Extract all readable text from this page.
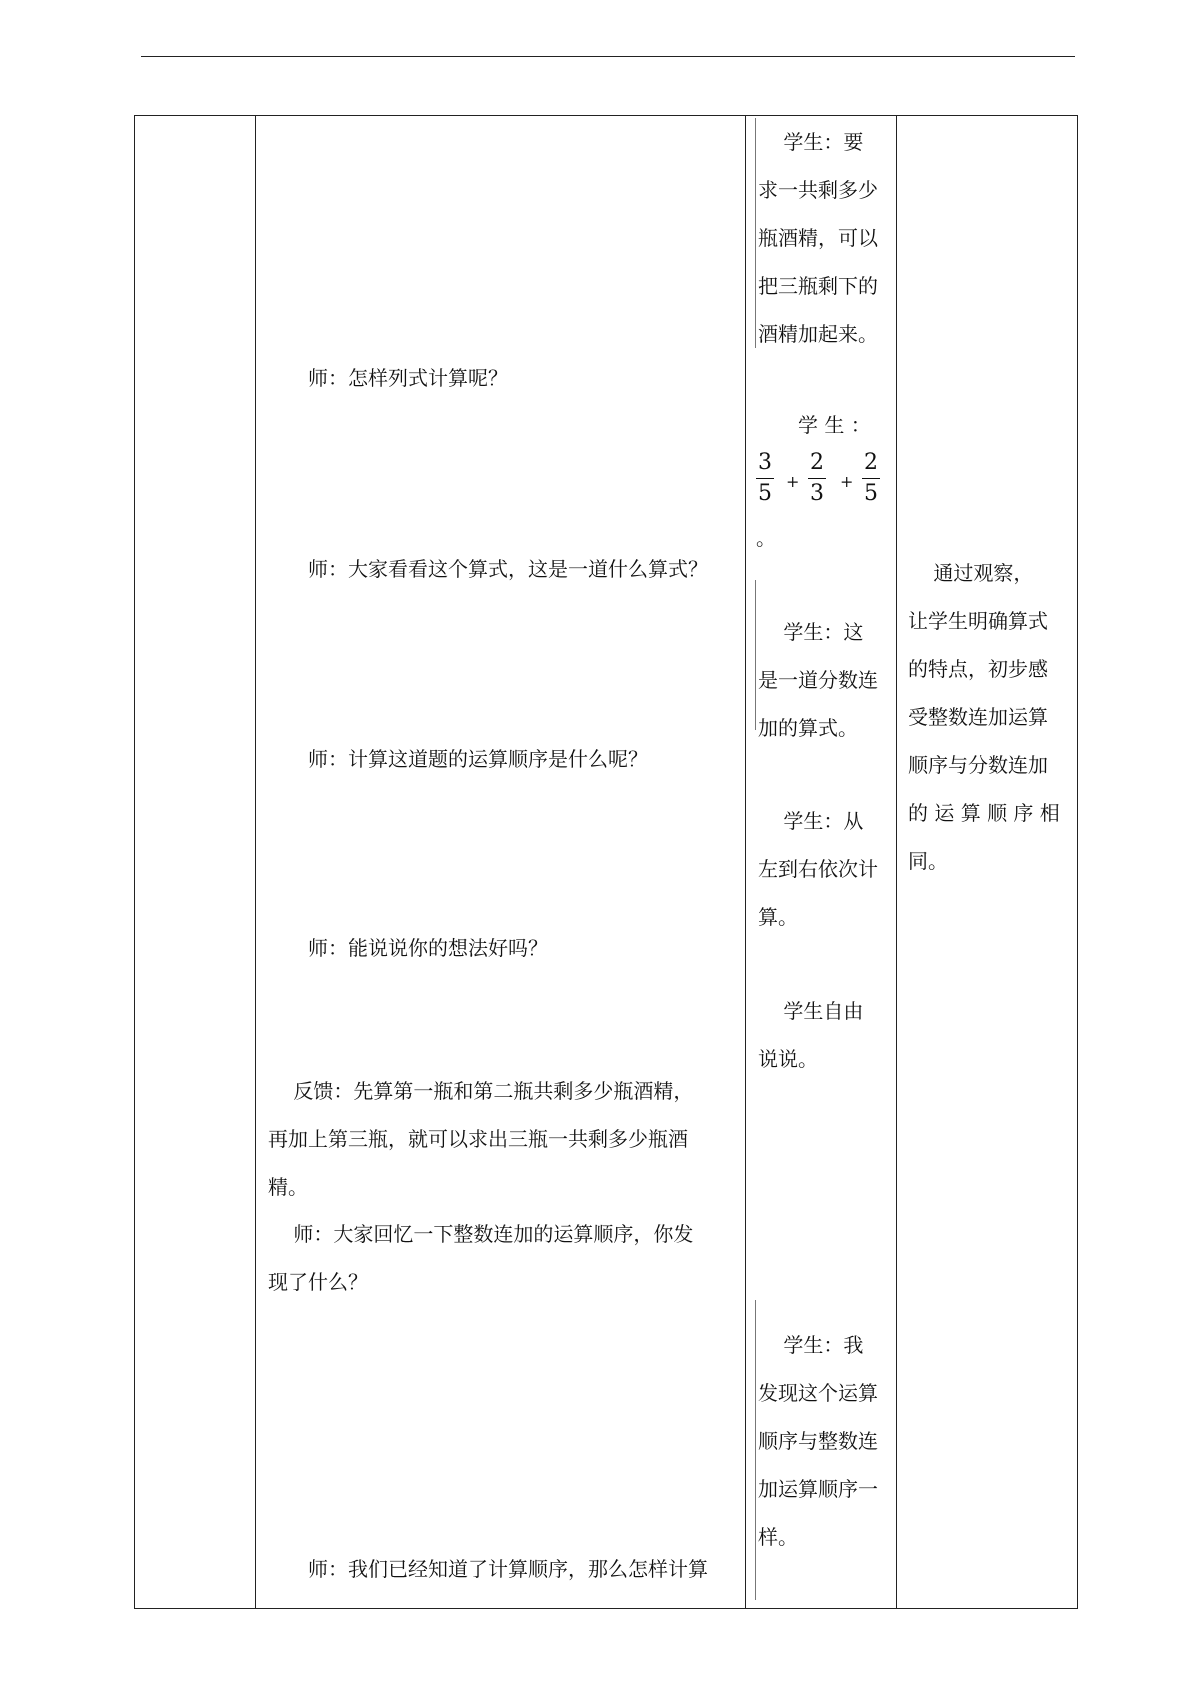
师：怎样列式计算呢？

师：大家看看这个算式，这是一道什么算式？

师：计算这道题的运算顺序是什么呢？

师：能说说你的想法好吗？

反馈：先算第一瓶和第二瓶共剩多少瓶酒精，
再加上第三瓶，就可以求出三瓶一共剩多少瓶酒
精。

师：大家回忆一下整数连加的运算顺序，你发
现了什么？

师：我们已经知道了计算顺序，那么怎样计算

学生：要
求一共剩多少
瓶酒精，可以
把三瓶剩下的
酒精加起来。

学 生 ：

3
5 +
2
3 +
2
5
。

学生：这
是一道分数连
加的算式。

学生：从
左到右依次计
算。

学生自由
说说。

学生：我
发现这个运算
顺序与整数连
加运算顺序一
样。

通过观察，
让学生明确算式
的特点，初步感
受整数连加运算
顺序与分数连加
的 运 算 顺 序 相
同。
